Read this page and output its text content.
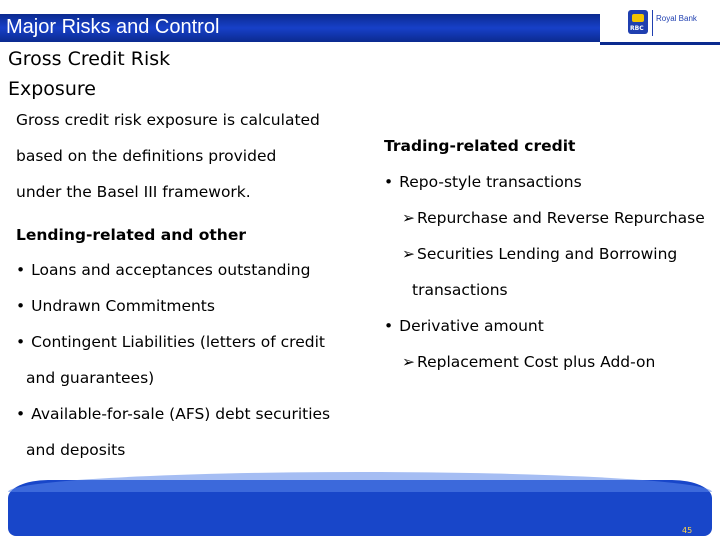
Major Risks and Control	RBC
Royal Bank
Gross Credit Risk
Exposure
Gross credit risk exposure is calculated
based on the definitions provided
under the Basel III framework.
Lending-related and other
• Loans and acceptances outstanding
• Undrawn Commitments
• Contingent Liabilities (letters of credit
and guarantees)
• Available-for-sale (AFS) debt securities
and deposits
Trading-related credit
• Repo-style transactions
➢ Repurchase and Reverse Repurchase
➢ Securities Lending and Borrowing
transactions
• Derivative amount
➢ Replacement Cost plus Add-on
45
